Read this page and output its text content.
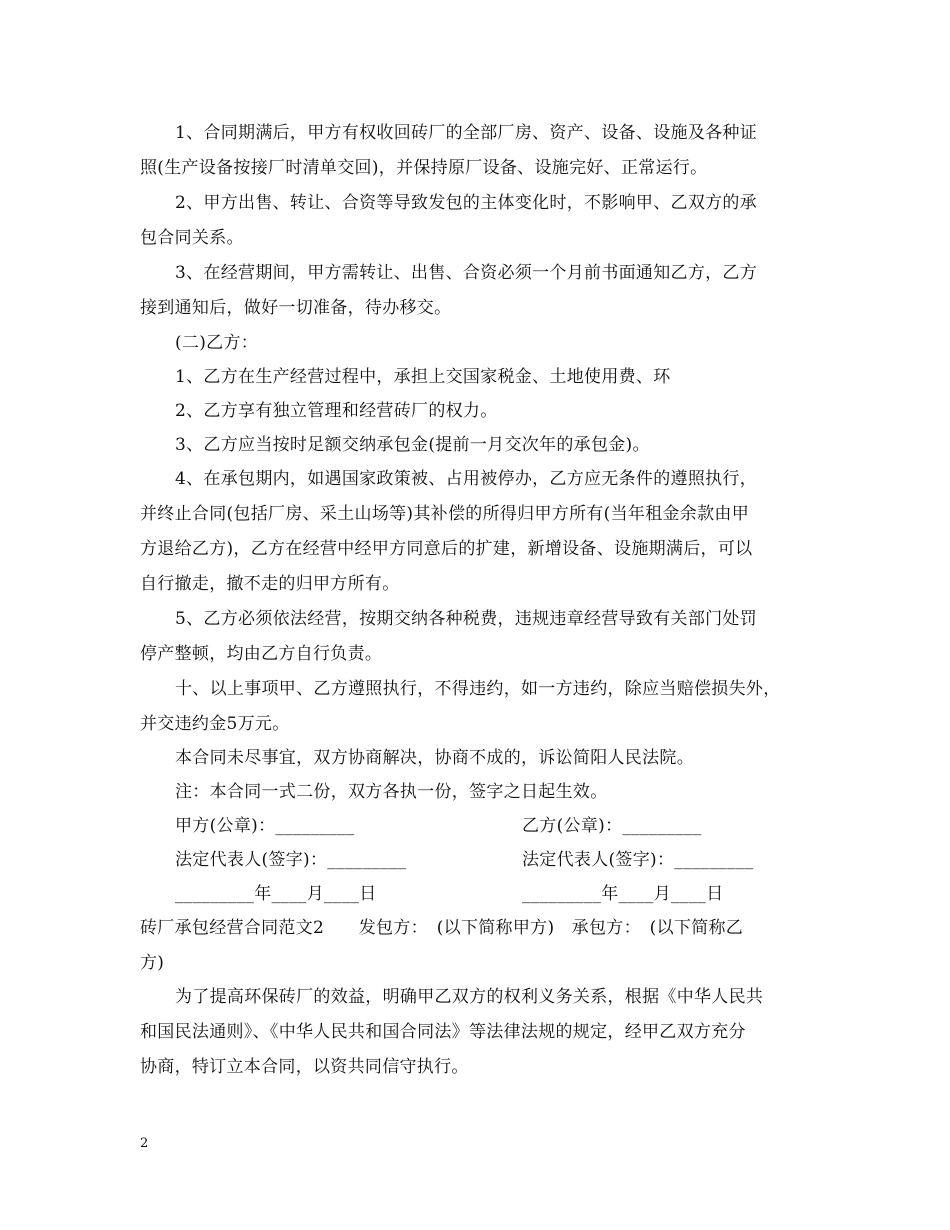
1、合同期满后，甲方有权收回砖厂的全部厂房、资产、设备、设施及各种证
照(生产设备按接厂时清单交回)，并保持原厂设备、设施完好、正常运行。
2、甲方出售、转让、合资等导致发包的主体变化时，不影响甲、乙双方的承
包合同关系。
3、在经营期间，甲方需转让、出售、合资必须一个月前书面通知乙方，乙方
接到通知后，做好一切准备，待办移交。
(二)乙方：
1、乙方在生产经营过程中，承担上交国家税金、土地使用费、环
2、乙方享有独立管理和经营砖厂的权力。
3、乙方应当按时足额交纳承包金(提前一月交次年的承包金)。
4、在承包期内，如遇国家政策被、占用被停办，乙方应无条件的遵照执行，
并终止合同(包括厂房、采土山场等)其补偿的所得归甲方所有(当年租金余款由甲
方退给乙方)，乙方在经营中经甲方同意后的扩建，新增设备、设施期满后，可以
自行撤走，撤不走的归甲方所有。
5、乙方必须依法经营，按期交纳各种税费，违规违章经营导致有关部门处罚
停产整顿，均由乙方自行负责。
十、以上事项甲、乙方遵照执行，不得违约，如一方违约，除应当赔偿损失外，
并交违约金5万元。
本合同未尽事宜，双方协商解决，协商不成的，诉讼简阳人民法院。
注：本合同一式二份，双方各执一份，签字之日起生效。
甲方(公章)：_________	乙方(公章)：_________
法定代表人(签字)：_________	法定代表人(签字)：_________
_________年____月____日	_________年____月____日
砖厂承包经营合同范文2　　发包方：　(以下简称甲方)　承包方：　(以下简称乙
方)
为了提高环保砖厂的效益，明确甲乙双方的权利义务关系，根据《中华人民共
和国民法通则》、《中华人民共和国合同法》等法律法规的规定，经甲乙双方充分
协商，特订立本合同，以资共同信守执行。
2
